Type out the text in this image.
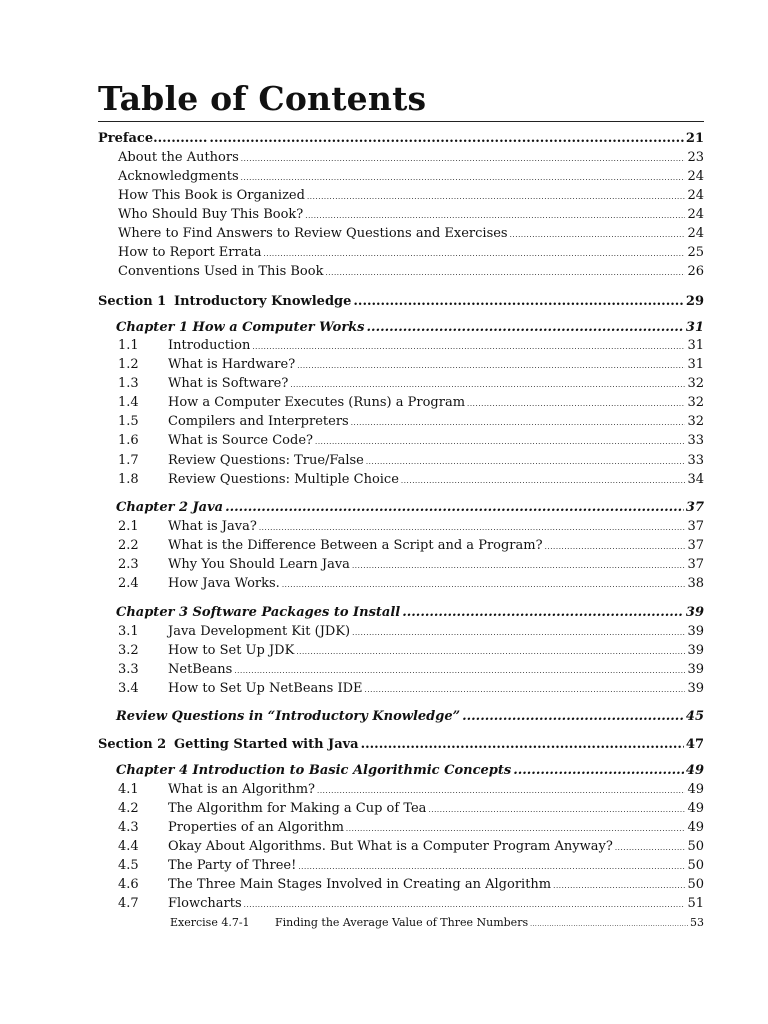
Table of Contents
Preface............ .....	21
About the Authors .....	23
Acknowledgments .....	24
How This Book is Organized .....	24
Who Should Buy This Book? .....	24
Where to Find Answers to Review Questions and Exercises .....	24
How to Report Errata .....	25
Conventions Used in This Book .....	26
Section 1 Introductory Knowledge .....	29
Chapter 1 How a Computer Works .....	31
1.1	Introduction .....	31
1.2	What is Hardware? .....	31
1.3	What is Software? .....	32
1.4	How a Computer Executes (Runs) a Program .....	32
1.5	Compilers and Interpreters .....	32
1.6	What is Source Code? .....	33
1.7	Review Questions: True/False .....	33
1.8	Review Questions: Multiple Choice .....	34
Chapter 2 Java .....	37
2.1	What is Java? .....	37
2.2	What is the Difference Between a Script and a Program? .....	37
2.3	Why You Should Learn Java .....	37
2.4	How Java Works. .....	38
Chapter 3 Software Packages to Install .....	39
3.1	Java Development Kit (JDK) .....	39
3.2	How to Set Up JDK .....	39
3.3	NetBeans .....	39
3.4	How to Set Up NetBeans IDE .....	39
Review Questions in “Introductory Knowledge” .....	45
Section 2 Getting Started with Java .....	47
Chapter 4 Introduction to Basic Algorithmic Concepts .....	49
4.1	What is an Algorithm? .....	49
4.2	The Algorithm for Making a Cup of Tea .....	49
4.3	Properties of an Algorithm .....	49
4.4	Okay About Algorithms. But What is a Computer Program Anyway? .....	50
4.5	The Party of Three! .....	50
4.6	The Three Main Stages Involved in Creating an Algorithm .....	50
4.7	Flowcharts .....	51
Exercise 4.7-1	Finding the Average Value of Three Numbers .....	53
